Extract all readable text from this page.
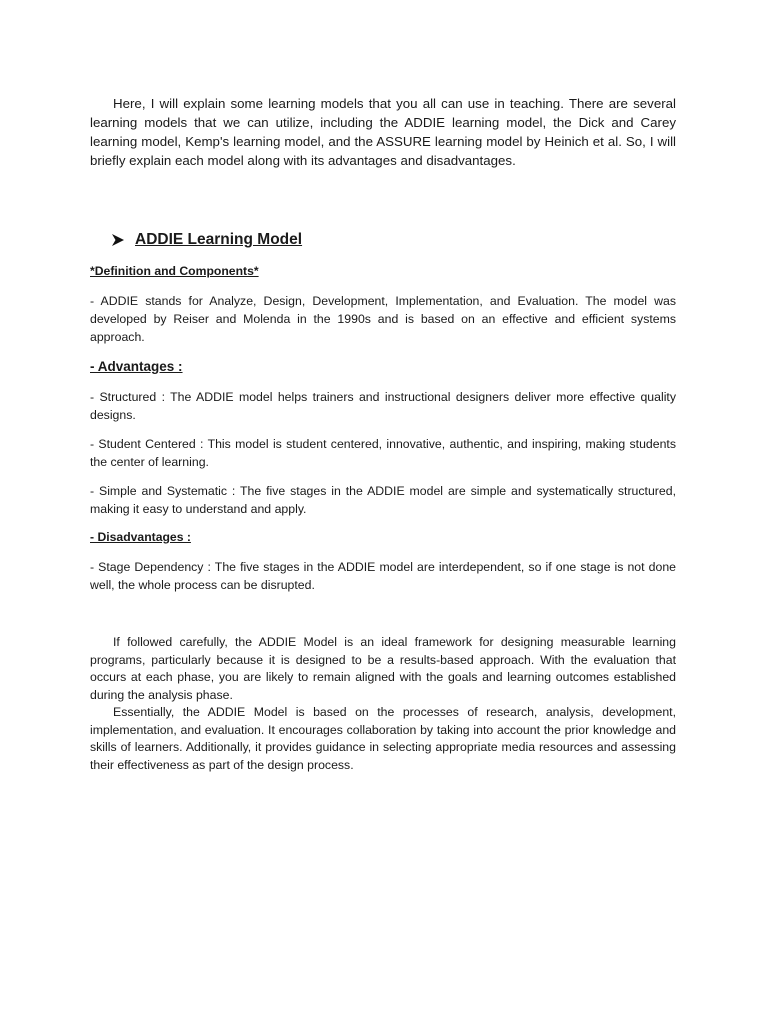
Here, I will explain some learning models that you all can use in teaching. There are several learning models that we can utilize, including the ADDIE learning model, the Dick and Carey learning model, Kemp's learning model, and the ASSURE learning model by Heinich et al. So, I will briefly explain each model along with its advantages and disadvantages.

ADDIE Learning Model

*Definition and Components*

- ADDIE stands for Analyze, Design, Development, Implementation, and Evaluation. The model was developed by Reiser and Molenda in the 1990s and is based on an effective and efficient systems approach.

- Advantages :

- Structured : The ADDIE model helps trainers and instructional designers deliver more effective quality designs.

- Student Centered : This model is student centered, innovative, authentic, and inspiring, making students the center of learning.

- Simple and Systematic : The five stages in the ADDIE model are simple and systematically structured, making it easy to understand and apply.

- Disadvantages :

- Stage Dependency : The five stages in the ADDIE model are interdependent, so if one stage is not done well, the whole process can be disrupted.

If followed carefully, the ADDIE Model is an ideal framework for designing measurable learning programs, particularly because it is designed to be a results-based approach. With the evaluation that occurs at each phase, you are likely to remain aligned with the goals and learning outcomes established during the analysis phase.

Essentially, the ADDIE Model is based on the processes of research, analysis, development, implementation, and evaluation. It encourages collaboration by taking into account the prior knowledge and skills of learners. Additionally, it provides guidance in selecting appropriate media resources and assessing their effectiveness as part of the design process.
